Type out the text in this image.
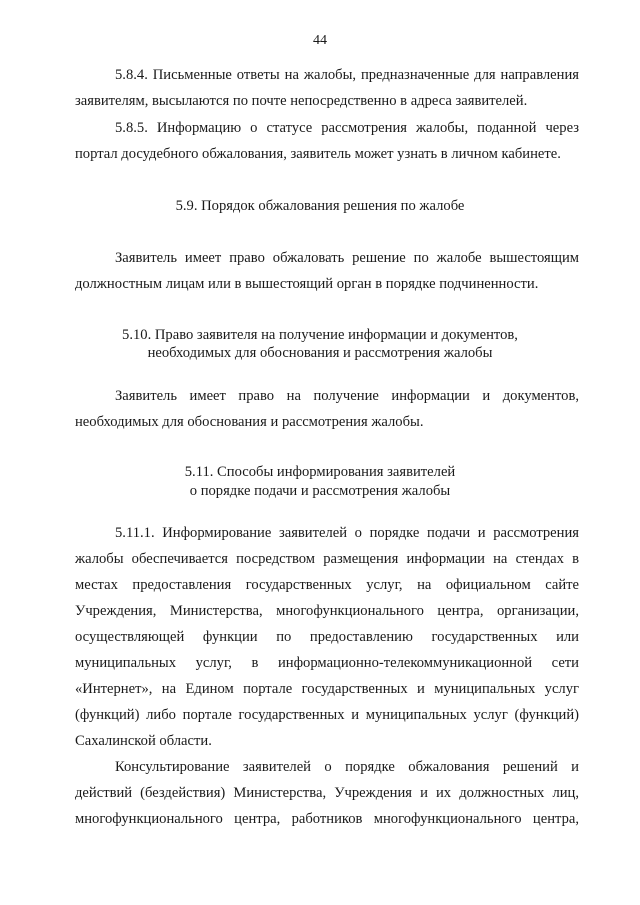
44
5.8.4. Письменные ответы на жалобы, предназначенные для направления
заявителям, высылаются по почте непосредственно в адреса заявителей.
5.8.5. Информацию о статусе рассмотрения жалобы, поданной через
портал досудебного обжалования, заявитель может узнать в личном кабинете.
5.9. Порядок обжалования решения по жалобе
Заявитель имеет право обжаловать решение по жалобе вышестоящим
должностным лицам или в вышестоящий орган в порядке подчиненности.
5.10. Право заявителя на получение информации и документов,
необходимых для обоснования и рассмотрения жалобы
Заявитель имеет право на получение информации и документов,
необходимых для обоснования и рассмотрения жалобы.
5.11. Способы информирования заявителей
о порядке подачи и рассмотрения жалобы
5.11.1. Информирование заявителей о порядке подачи и рассмотрения
жалобы обеспечивается посредством размещения информации на стендах в
местах предоставления государственных услуг, на официальном сайте
Учреждения, Министерства, многофункционального центра, организации,
осуществляющей функции по предоставлению государственных или
муниципальных услуг, в информационно-телекоммуникационной сети
«Интернет», на Едином портале государственных и муниципальных услуг
(функций) либо портале государственных и муниципальных услуг (функций)
Сахалинской области.
Консультирование заявителей о порядке обжалования решений и
действий (бездействия) Министерства, Учреждения и их должностных лиц,
многофункционального центра, работников многофункционального центра,
